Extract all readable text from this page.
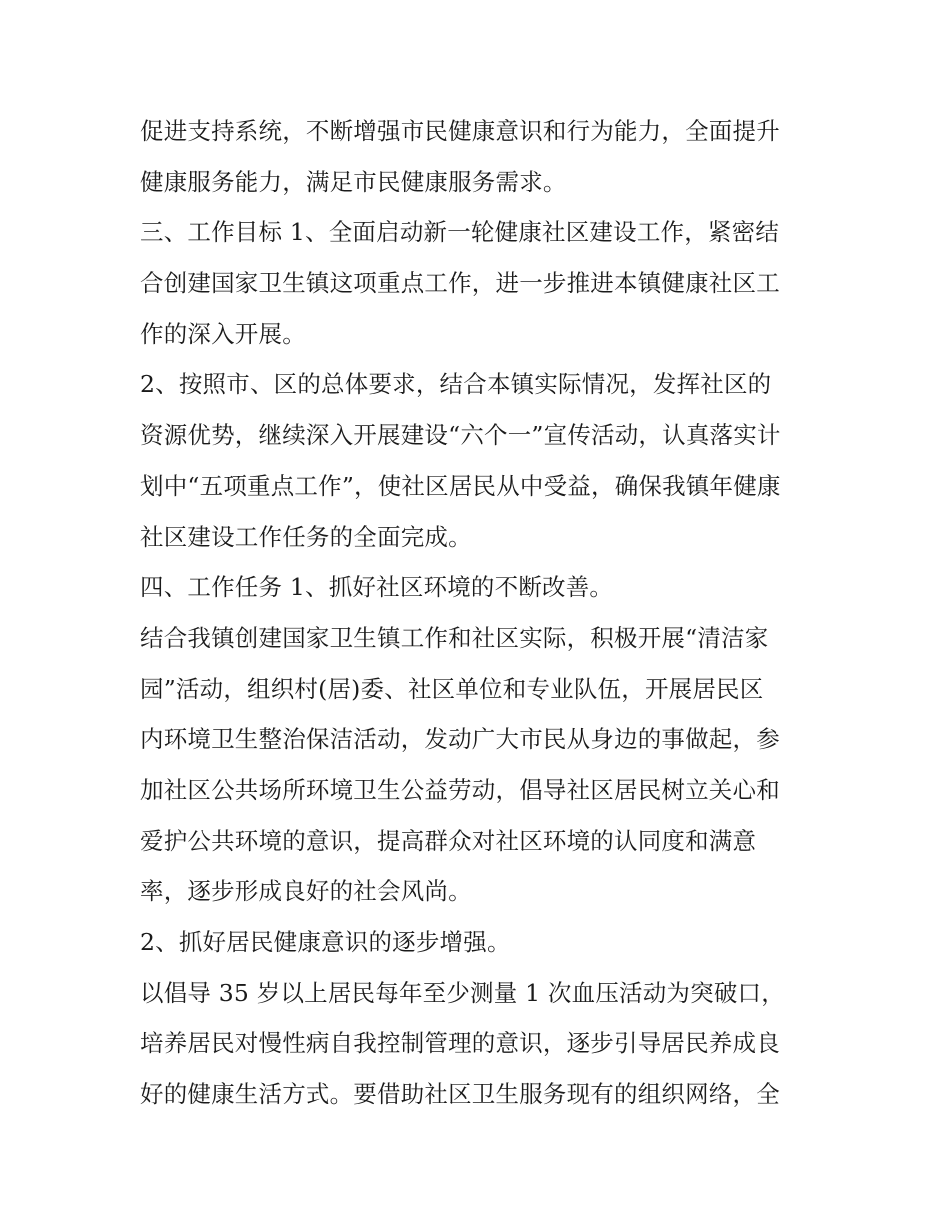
促进支持系统，不断增强市民健康意识和行为能力，全面提升
健康服务能力，满足市民健康服务需求。
三、工作目标 1、全面启动新一轮健康社区建设工作，紧密结
合创建国家卫生镇这项重点工作，进一步推进本镇健康社区工
作的深入开展。
2、按照市、区的总体要求，结合本镇实际情况，发挥社区的
资源优势，继续深入开展建设“六个一”宣传活动，认真落实计
划中“五项重点工作”，使社区居民从中受益，确保我镇年健康
社区建设工作任务的全面完成。
四、工作任务 1、抓好社区环境的不断改善。
结合我镇创建国家卫生镇工作和社区实际，积极开展“清洁家
园”活动，组织村(居)委、社区单位和专业队伍，开展居民区
内环境卫生整治保洁活动，发动广大市民从身边的事做起，参
加社区公共场所环境卫生公益劳动，倡导社区居民树立关心和
爱护公共环境的意识，提高群众对社区环境的认同度和满意
率，逐步形成良好的社会风尚。
2、抓好居民健康意识的逐步增强。
以倡导 35 岁以上居民每年至少测量 1 次血压活动为突破口，
培养居民对慢性病自我控制管理的意识，逐步引导居民养成良
好的健康生活方式。要借助社区卫生服务现有的组织网络，全
